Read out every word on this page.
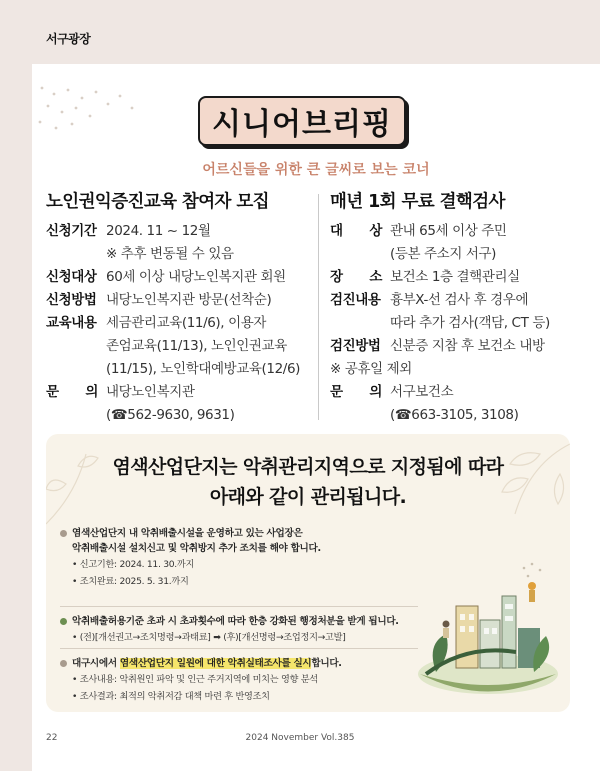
서구광장
시니어브리핑
어르신들을 위한 큰 글씨로 보는 코너
노인권익증진교육 참여자 모집
신청기간 2024. 11 ~ 12월
※ 추후 변동될 수 있음
신청대상 60세 이상 내당노인복지관 회원
신청방법 내당노인복지관 방문(선착순)
교육내용 세금관리교육(11/6), 이용자
존엄교육(11/13), 노인인권교육
(11/15), 노인학대예방교육(12/6)
문 의 내당노인복지관
(☎562-9630, 9631)
매년 1회 무료 결핵검사
대 상 관내 65세 이상 주민
(등본 주소지 서구)
장 소 보건소 1층 결핵관리실
검진내용 흉부X-선 검사 후 경우에
따라 추가 검사(객담, CT 등)
검진방법 신분증 지참 후 보건소 내방
※ 공휴일 제외
문 의 서구보건소
(☎663-3105, 3108)
염색산업단지는 악취관리지역으로 지정됨에 따라
아래와 같이 관리됩니다.
염색산업단지 내 악취배출시설을 운영하고 있는 사업장은
악취배출시설 설치신고 및 악취방지 추가 조치를 해야 합니다.
• 신고기한: 2024. 11. 30.까지
• 조치완료: 2025. 5. 31.까지
악취배출허용기준 초과 시 초과횟수에 따라 한층 강화된 행정처분을 받게 됩니다.
• (전)[개선권고→조치명령→과태료] ➡ (후)[개선명령→조업정지→고발]
대구시에서 염색산업단지 일원에 대한 악취실태조사를 실시합니다.
• 조사내용: 악취원인 파악 및 인근 주거지역에 미치는 영향 분석
• 조사결과: 최적의 악취저감 대책 마련 후 반영조치
22	2024 November Vol.385
